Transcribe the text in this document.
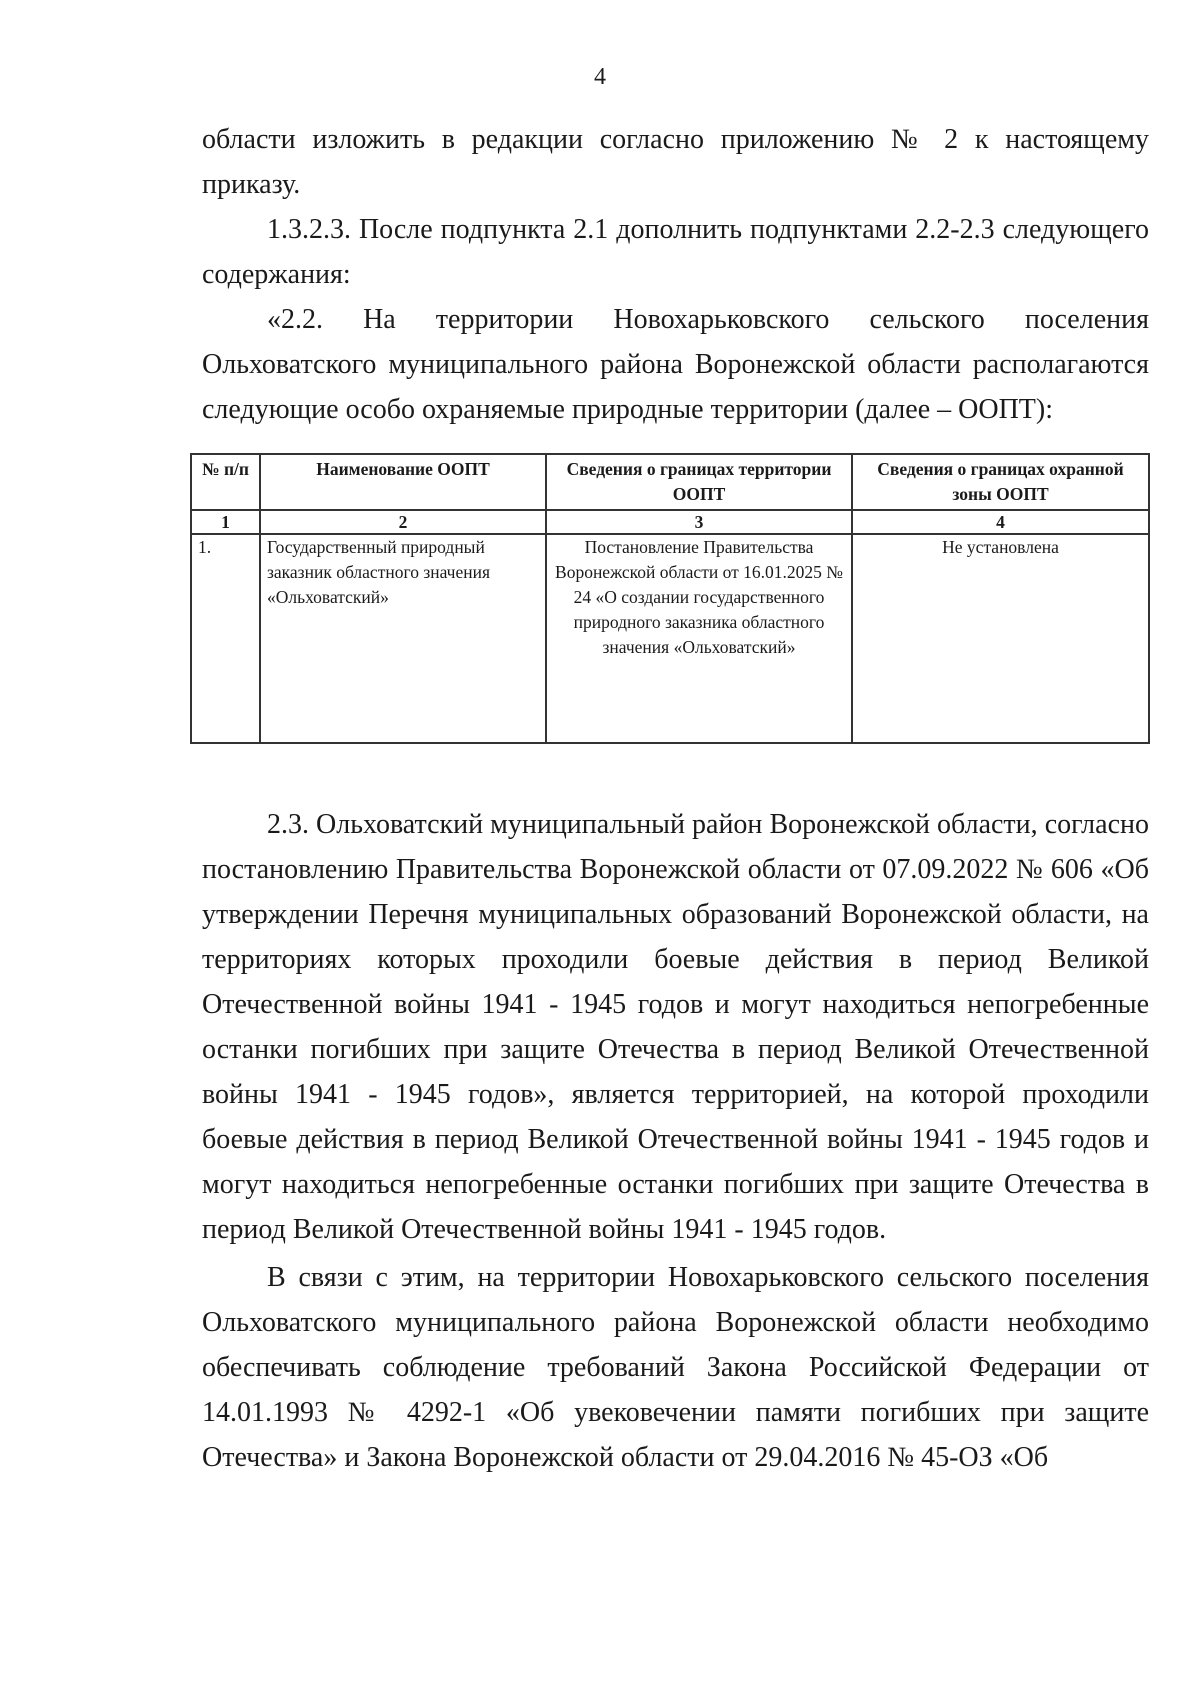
4

области изложить в редакции согласно приложению № 2 к настоящему приказу.

1.3.2.3. После подпункта 2.1 дополнить подпунктами 2.2-2.3 следующего содержания:

«2.2. На территории Новохарьковского сельского поселения Ольховатского муниципального района Воронежской области располагаются следующие особо охраняемые природные территории (далее – ООПТ):

№ п/п	Наименование ООПТ	Сведения о границах территории ООПТ	Сведения о границах охранной зоны ООПТ
1	2	3	4
1.	Государственный природный заказник областного значения «Ольховатский»	Постановление Правительства Воронежской области от 16.01.2025 № 24 «О создании государственного природного заказника областного значения «Ольховатский»	Не установлена

2.3. Ольховатский муниципальный район Воронежской области, согласно постановлению Правительства Воронежской области от 07.09.2022 № 606 «Об утверждении Перечня муниципальных образований Воронежской области, на территориях которых проходили боевые действия в период Великой Отечественной войны 1941 - 1945 годов и могут находиться непогребенные останки погибших при защите Отечества в период Великой Отечественной войны 1941 - 1945 годов», является территорией, на которой проходили боевые действия в период Великой Отечественной войны 1941 - 1945 годов и могут находиться непогребенные останки погибших при защите Отечества в период Великой Отечественной войны 1941 - 1945 годов.

В связи с этим, на территории Новохарьковского сельского поселения Ольховатского муниципального района Воронежской области необходимо обеспечивать соблюдение требований Закона Российской Федерации от 14.01.1993 № 4292-1 «Об увековечении памяти погибших при защите Отечества» и Закона Воронежской области от 29.04.2016 № 45-ОЗ «Об
